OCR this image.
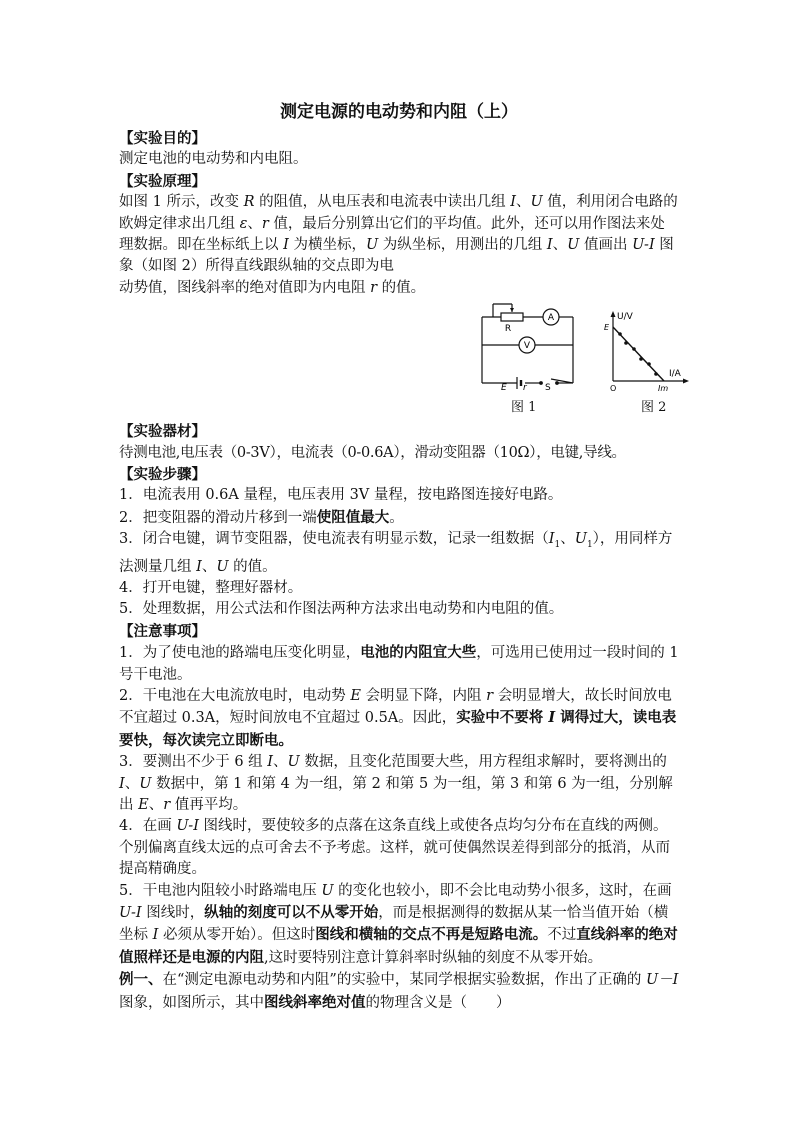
测定电源的电动势和内阻（上）
【实验目的】

测定电池的电动势和内电阻。

【实验原理】

如图 1 所示，改变 R 的阻值，从电压表和电流表中读出几组 I、U 值，利用闭合电路的欧姆定律求出几组 ε、r 值，最后分别算出它们的平均值。此外，还可以用作图法来处理数据。即在坐标纸上以 I 为横坐标，U 为纵坐标，用测出的几组 I、U 值画出 U-I 图象（如图 2）所得直线跟纵轴的交点即为电
动势值，图线斜率的绝对值即为内电阻 r 的值。

R
A
V
E r S
图 1
U/V
E
I/A
O	Im
图 2
【实验器材】

待测电池,电压表（0-3V），电流表（0-0.6A），滑动变阻器（10Ω），电键,导线。

【实验步骤】

1．电流表用 0.6A 量程，电压表用 3V 量程，按电路图连接好电路。

2．把变阻器的滑动片移到一端使阻值最大。

3．闭合电键，调节变阻器，使电流表有明显示数，记录一组数据（$I_1$、$U_1$），用同样方法测量几组 I、U 的值。

4．打开电键，整理好器材。

5．处理数据，用公式法和作图法两种方法求出电动势和内电阻的值。

【注意事项】

1．为了使电池的路端电压变化明显，电池的内阻宜大些，可选用已使用过一段时间的 1 号干电池。

2．干电池在大电流放电时，电动势 E 会明显下降，内阻 r 会明显增大，故长时间放电不宜超过 0.3A，短时间放电不宜超过 0.5A。因此，实验中不要将 I 调得过大，读电表要快，每次读完立即断电。

3．要测出不少于 6 组 I、U 数据，且变化范围要大些，用方程组求解时，要将测出的 I、U 数据中，第 1 和第 4 为一组，第 2 和第 5 为一组，第 3 和第 6 为一组，分别解出 E、r 值再平均。

4．在画 U-I 图线时，要使较多的点落在这条直线上或使各点均匀分布在直线的两侧。个别偏离直线太远的点可舍去不予考虑。这样，就可使偶然误差得到部分的抵消，从而提高精确度。

5．干电池内阻较小时路端电压 U 的变化也较小，即不会比电动势小很多，这时，在画 U-I 图线时，纵轴的刻度可以不从零开始，而是根据测得的数据从某一恰当值开始（横坐标 I 必须从零开始）。但这时图线和横轴的交点不再是短路电流。不过直线斜率的绝对值照样还是电源的内阻,这时要特别注意计算斜率时纵轴的刻度不从零开始。

例一、在“测定电源电动势和内阻”的实验中，某同学根据实验数据，作出了正确的 U－I 图象，如图所示，其中图线斜率绝对值的物理含义是（　　）
